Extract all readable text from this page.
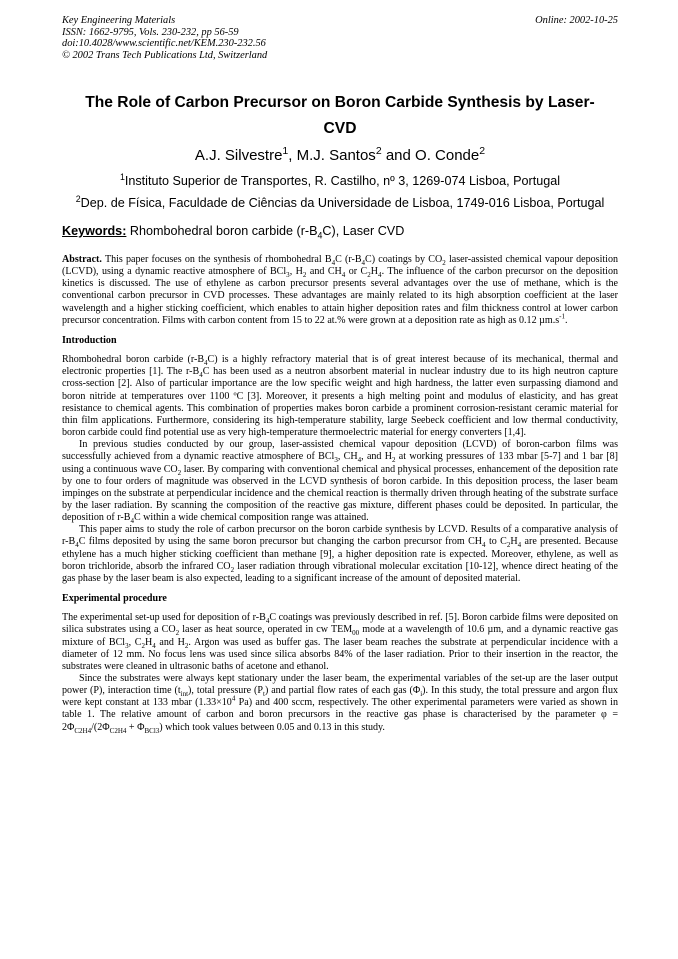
Key Engineering Materials
ISSN: 1662-9795, Vols. 230-232, pp 56-59
doi:10.4028/www.scientific.net/KEM.230-232.56
© 2002 Trans Tech Publications Ltd, Switzerland
Online: 2002-10-25
The Role of Carbon Precursor on Boron Carbide Synthesis by Laser-
CVD
A.J. Silvestre$^1$, M.J. Santos$^2$ and O. Conde$^2$
$^1$Instituto Superior de Transportes, R. Castilho, nº 3, 1269-074 Lisboa, Portugal
$^2$Dep. de Física, Faculdade de Ciências da Universidade de Lisboa, 1749-016 Lisboa, Portugal
Keywords: Rhombohedral boron carbide $(r-B_4C)$, Laser CVD

Abstract. This paper focuses on the synthesis of rhombohedral $B_4C$ $(r-B_4C)$ coatings by $CO_2$ laser-assisted chemical vapour deposition (LCVD), using a dynamic reactive atmosphere of BCl$_3$, $H_2$ and $CH_4$ or $C_2H_4$. The influence of the carbon precursor on the deposition kinetics is discussed. The use of ethylene as carbon precursor presents several advantages over the use of methane, which is the conventional carbon precursor in CVD processes. These advantages are mainly related to its high absorption coefficient at the laser wavelength and a higher sticking coefficient, which enables to attain higher deposition rates and film thickness control at lower carbon precursor concentration. Films with carbon content from 15 to 22 at.% were grown at a deposition rate as high as 0.12 $\mu m.s^{-1}$.

Introduction

Rhombohedral boron carbide $(r-B_4C)$ is a highly refractory material that is of great interest because of its mechanical, thermal and electronic properties [1]. The $r-B_4C$ has been used as a neutron absorbent material in nuclear industry due to its high neutron capture cross-section [2]. Also of particular importance are the low specific weight and high hardness, the latter even surpassing diamond and boron nitride at temperatures over 1100 ºC [3]. Moreover, it presents a high melting point and modulus of elasticity, and has great resistance to chemical agents. This combination of properties makes boron carbide a prominent corrosion-resistant ceramic material for thin film applications. Furthermore, considering its high-temperature stability, large Seebeck coefficient and low thermal conductivity, boron carbide could find potential use as very high-temperature thermoelectric material for energy converters [1,4].

In previous studies conducted by our group, laser-assisted chemical vapour deposition (LCVD) of boron-carbon films was successfully achieved from a dynamic reactive atmosphere of BCl$_3$, $CH_4$, and $H_2$ at working pressures of 133 mbar [5-7] and 1 bar [8] using a continuous wave $CO_2$ laser. By comparing with conventional chemical and physical processes, enhancement of the deposition rate by one to four orders of magnitude was observed in the LCVD synthesis of boron carbide. In this deposition process, the laser beam impinges on the substrate at perpendicular incidence and the chemical reaction is thermally driven through heating of the substrate surface by the laser radiation. By scanning the composition of the reactive gas mixture, different phases could be deposited. In particular, the deposition of $r-B_4C$ within a wide chemical composition range was attained.

This paper aims to study the role of carbon precursor on the boron carbide synthesis by LCVD. Results of a comparative analysis of $r-B_4C$ films deposited by using the same boron precursor but changing the carbon precursor from $CH_4$ to $C_2H_4$ are presented. Because ethylene has a much higher sticking coefficient than methane [9], a higher deposition rate is expected. Moreover, ethylene, as well as boron trichloride, absorb the infrared $CO_2$ laser radiation through vibrational molecular excitation [10-12], whence direct heating of the gas phase by the laser beam is also expected, leading to a significant increase of the amount of deposited material.

Experimental procedure

The experimental set-up used for deposition of $r-B_4C$ coatings was previously described in ref. [5]. Boron carbide films were deposited on silica substrates using a $CO_2$ laser as heat source, operated in cw $TEM_{00}$ mode at a wavelength of 10.6 µm, and a dynamic reactive gas mixture of BCl$_3$, $C_2H_4$ and $H_2$. Argon was used as buffer gas. The laser beam reaches the substrate at perpendicular incidence with a diameter of 12 mm. No focus lens was used since silica absorbs 84% of the laser radiation. Prior to their insertion in the reactor, the substrates were cleaned in ultrasonic baths of acetone and ethanol.

Since the substrates were always kept stationary under the laser beam, the experimental variables of the set-up are the laser output power (P), interaction time $(t_{int})$, total pressure $(P_t)$ and partial flow rates of each gas $(\Phi_i)$. In this study, the total pressure and argon flux were kept constant at 133 mbar ($1.33\times 10^4$ Pa) and 400 sccm, respectively. The other experimental parameters were varied as shown in table 1. The relative amount of carbon and boron precursors in the reactive gas phase is characterised by the parameter $\varphi = 2\Phi_{C2H4}/(2\Phi_{C2H4} + \Phi_{BCl3})$ which took values between 0.05 and 0.13 in this study.
